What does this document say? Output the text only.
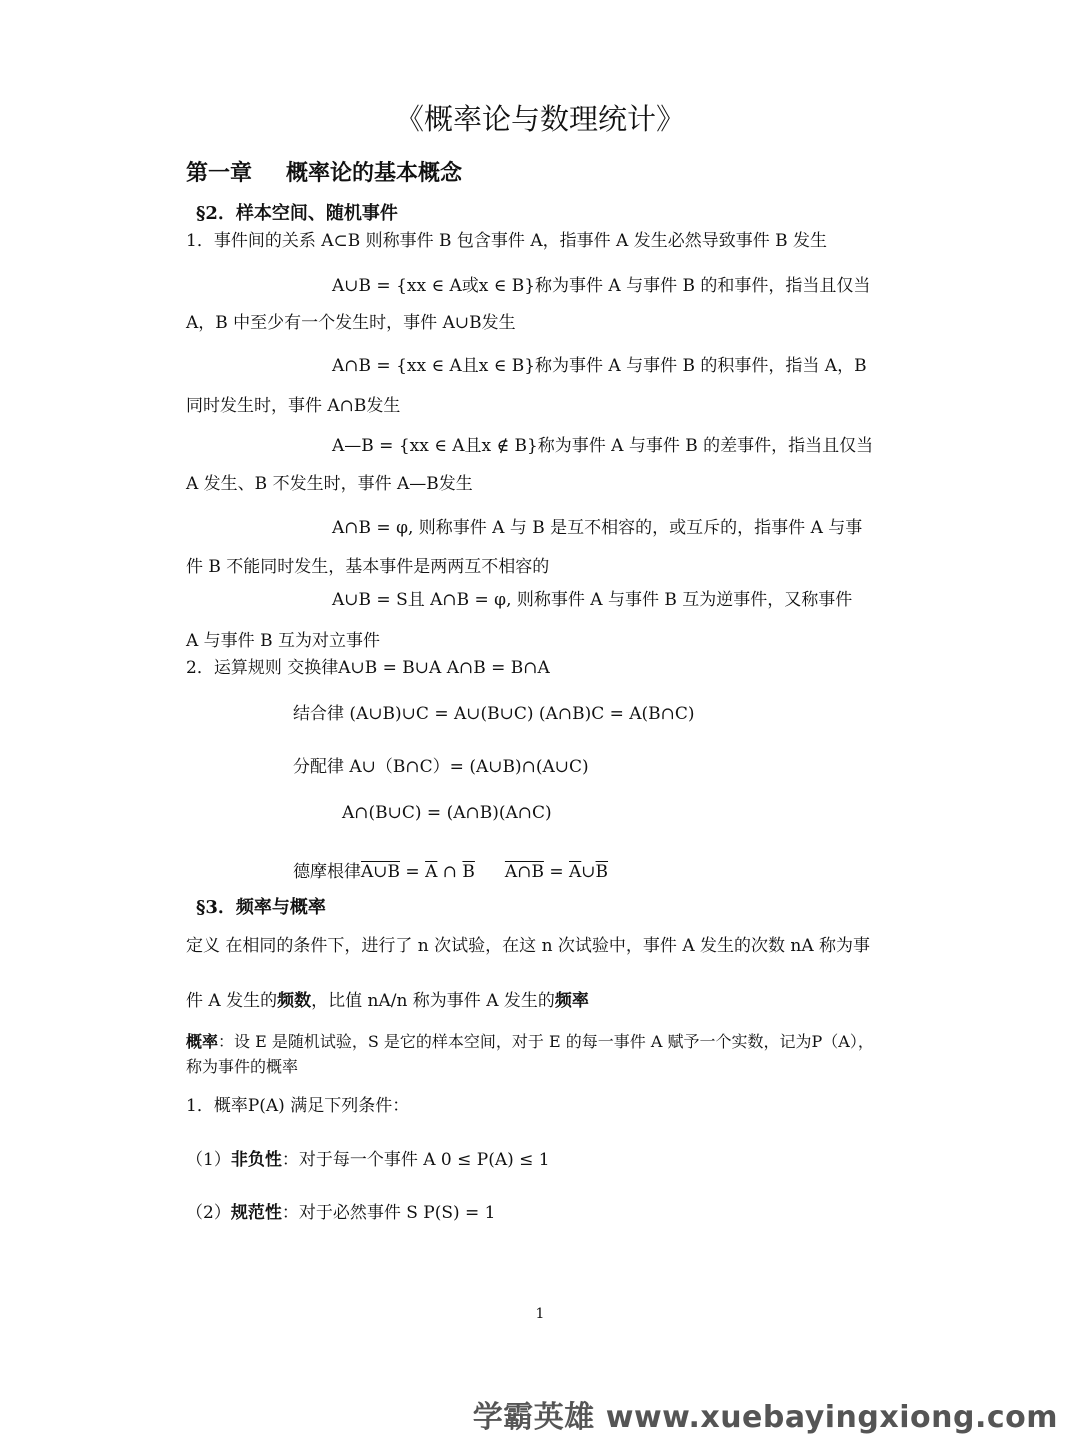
《概率论与数理统计》
第一章 概率论的基本概念
§2．样本空间、随机事件
1．事件间的关系 A⊂B 则称事件 B 包含事件 A，指事件 A 发生必然导致事件 B 发生
A∪B = {xx ∈ A或x ∈ B}称为事件 A 与事件 B 的和事件，指当且仅当
A，B 中至少有一个发生时，事件 A∪B发生
A∩B = {xx ∈ A且x ∈ B}称为事件 A 与事件 B 的积事件，指当 A，B
同时发生时，事件 A∩B发生
A—B = {xx ∈ A且x ∉ B}称为事件 A 与事件 B 的差事件，指当且仅当
A 发生、B 不发生时，事件 A—B发生
A∩B = φ, 则称事件 A 与 B 是互不相容的，或互斥的，指事件 A 与事
件 B 不能同时发生，基本事件是两两互不相容的
A∪B = S且 A∩B = φ, 则称事件 A 与事件 B 互为逆事件，又称事件
A 与事件 B 互为对立事件
2．运算规则 交换律A∪B = B∪A A∩B = B∩A
结合律 (A∪B)∪C = A∪(B∪C) (A∩B)C = A(B∩C)
分配律 A∪（B∩C）= (A∪B)∩(A∪C)
A∩(B∪C) = (A∩B)(A∩C)
德摩根律A∪B = $\overline{A}$ ∩ $\overline{B}$ A∩B = $\overline{A}\cup\overline{B}$
§3．频率与概率
定义 在相同的条件下，进行了 n 次试验，在这 n 次试验中，事件 A 发生的次数 nA 称为事
件 A 发生的频数，比值 nA/n 称为事件 A 发生的频率
概率：设 E 是随机试验，S 是它的样本空间，对于 E 的每一事件 A 赋予一个实数，记为P（A），
称为事件的概率
1．概率P(A) 满足下列条件：
（1）非负性：对于每一个事件 A 0 ≤ P(A) ≤ 1
（2）规范性：对于必然事件 S P(S) = 1
1
学霸英雄 www.xuebayingxiong.com
